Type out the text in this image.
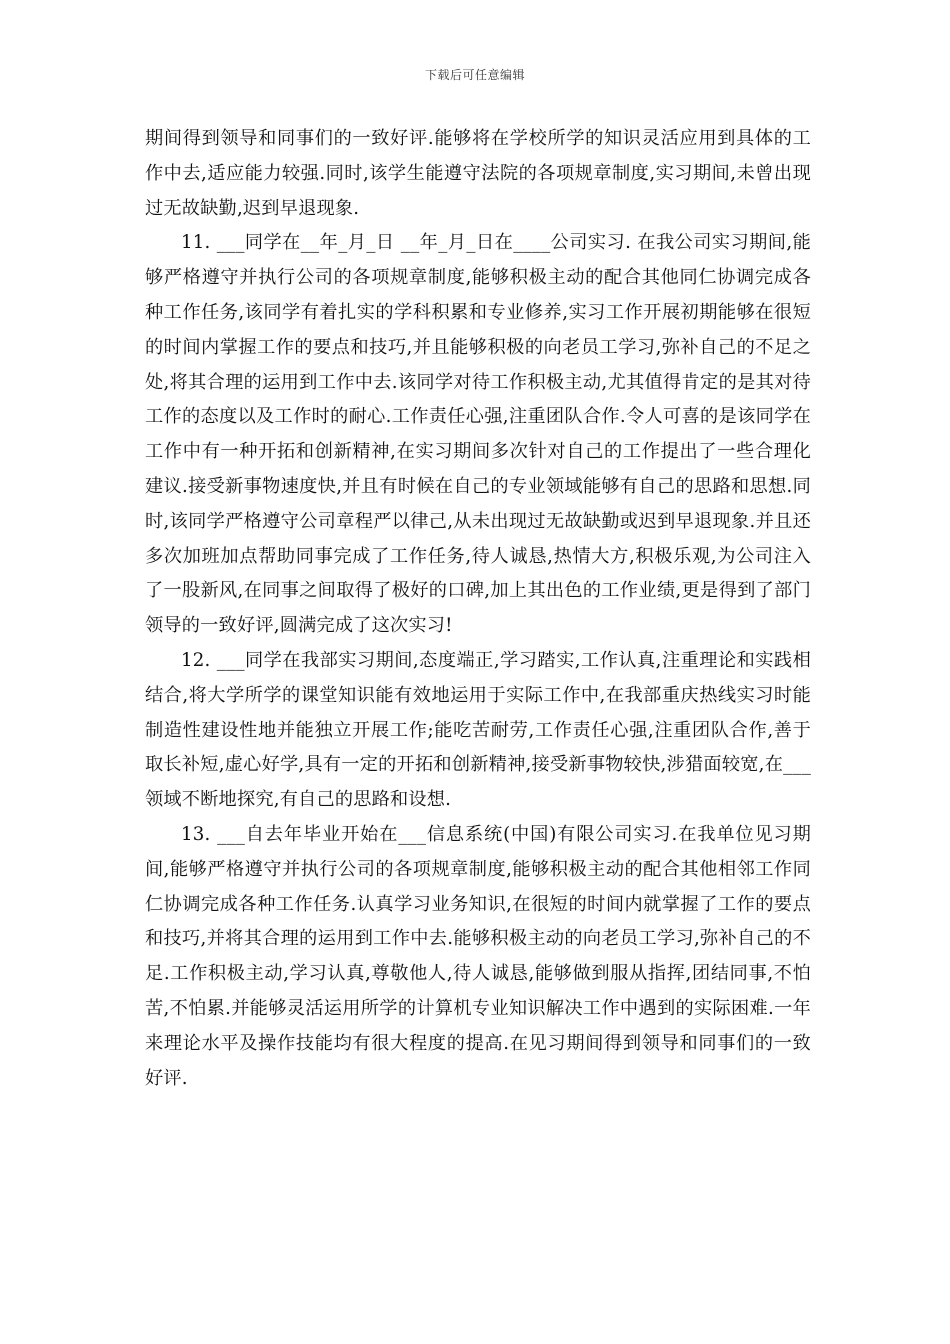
下载后可任意编辑

期间得到领导和同事们的一致好评.能够将在学校所学的知识灵活应用到具体的工作中去,适应能力较强.同时,该学生能遵守法院的各项规章制度,实习期间,未曾出现过无故缺勤,迟到早退现象.

11. ___同学在__年_月_日 __年_月_日在____公司实习. 在我公司实习期间,能够严格遵守并执行公司的各项规章制度,能够积极主动的配合其他同仁协调完成各种工作任务,该同学有着扎实的学科积累和专业修养,实习工作开展初期能够在很短的时间内掌握工作的要点和技巧,并且能够积极的向老员工学习,弥补自己的不足之处,将其合理的运用到工作中去.该同学对待工作积极主动,尤其值得肯定的是其对待工作的态度以及工作时的耐心.工作责任心强,注重团队合作.令人可喜的是该同学在工作中有一种开拓和创新精神,在实习期间多次针对自己的工作提出了一些合理化建议.接受新事物速度快,并且有时候在自己的专业领域能够有自己的思路和思想.同时,该同学严格遵守公司章程严以律己,从未出现过无故缺勤或迟到早退现象.并且还多次加班加点帮助同事完成了工作任务,待人诚恳,热情大方,积极乐观,为公司注入了一股新风,在同事之间取得了极好的口碑,加上其出色的工作业绩,更是得到了部门领导的一致好评,圆满完成了这次实习!

12. ___同学在我部实习期间,态度端正,学习踏实,工作认真,注重理论和实践相结合,将大学所学的课堂知识能有效地运用于实际工作中,在我部重庆热线实习时能制造性建设性地并能独立开展工作;能吃苦耐劳,工作责任心强,注重团队合作,善于取长补短,虚心好学,具有一定的开拓和创新精神,接受新事物较快,涉猎面较宽,在___领域不断地探究,有自己的思路和设想.

13. ___自去年毕业开始在___信息系统(中国)有限公司实习.在我单位见习期间,能够严格遵守并执行公司的各项规章制度,能够积极主动的配合其他相邻工作同仁协调完成各种工作任务.认真学习业务知识,在很短的时间内就掌握了工作的要点和技巧,并将其合理的运用到工作中去.能够积极主动的向老员工学习,弥补自己的不足.工作积极主动,学习认真,尊敬他人,待人诚恳,能够做到服从指挥,团结同事,不怕苦,不怕累.并能够灵活运用所学的计算机专业知识解决工作中遇到的实际困难.一年来理论水平及操作技能均有很大程度的提高.在见习期间得到领导和同事们的一致好评.
